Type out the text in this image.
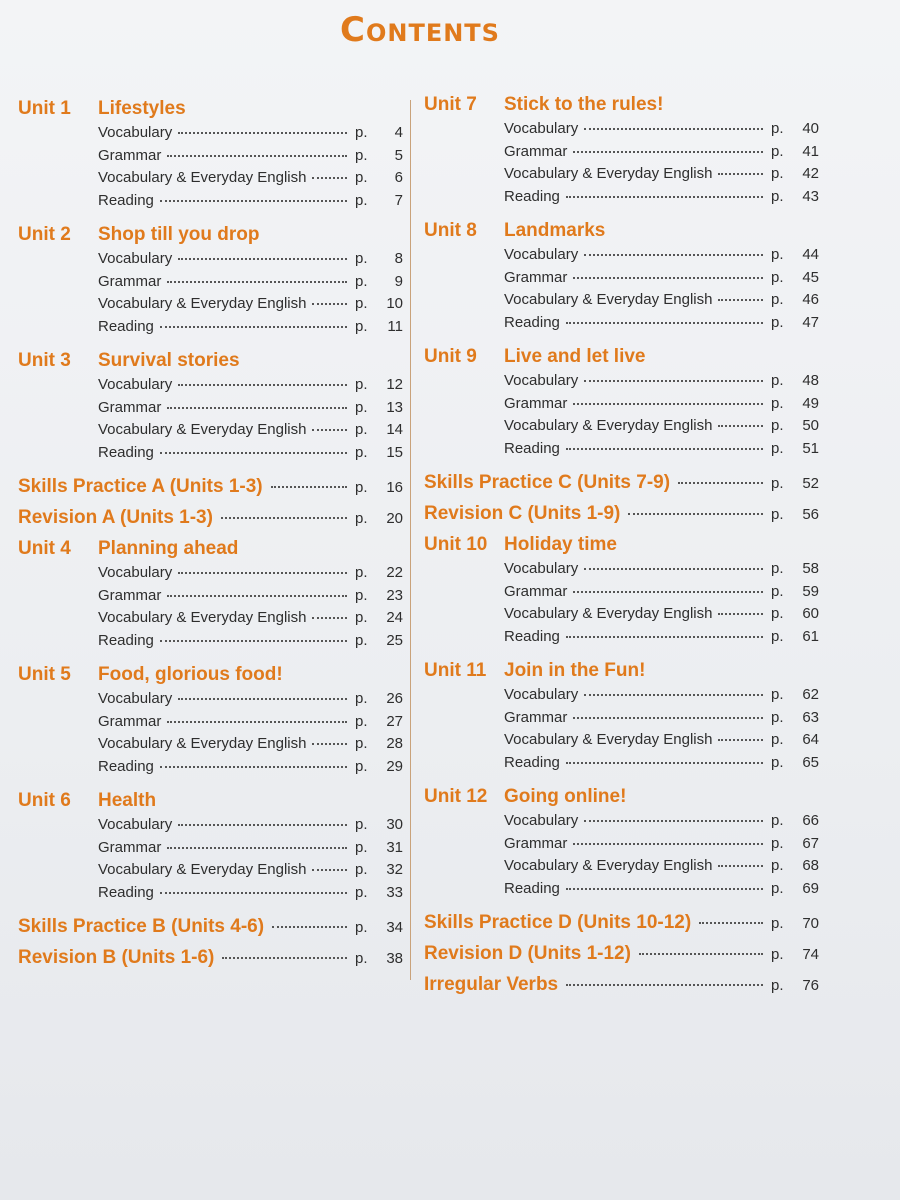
Contents
Unit 1	Lifestyles
Vocabulary	p.	4
Grammar	p.	5
Vocabulary & Everyday English	p.	6
Reading	p.	7
Unit 2	Shop till you drop
Vocabulary	p.	8
Grammar	p.	9
Vocabulary & Everyday English	p.	10
Reading	p.	11
Unit 3	Survival stories
Vocabulary	p.	12
Grammar	p.	13
Vocabulary & Everyday English	p.	14
Reading	p.	15
Skills Practice A (Units 1-3)	p.	16
Revision A (Units 1-3)	p.	20
Unit 4	Planning ahead
Vocabulary	p.	22
Grammar	p.	23
Vocabulary & Everyday English	p.	24
Reading	p.	25
Unit 5	Food, glorious food!
Vocabulary	p.	26
Grammar	p.	27
Vocabulary & Everyday English	p.	28
Reading	p.	29
Unit 6	Health
Vocabulary	p.	30
Grammar	p.	31
Vocabulary & Everyday English	p.	32
Reading	p.	33
Skills Practice B (Units 4-6)	p.	34
Revision B (Units 1-6)	p.	38
Unit 7	Stick to the rules!
Vocabulary	p.	40
Grammar	p.	41
Vocabulary & Everyday English	p.	42
Reading	p.	43
Unit 8	Landmarks
Vocabulary	p.	44
Grammar	p.	45
Vocabulary & Everyday English	p.	46
Reading	p.	47
Unit 9	Live and let live
Vocabulary	p.	48
Grammar	p.	49
Vocabulary & Everyday English	p.	50
Reading	p.	51
Skills Practice C (Units 7-9)	p.	52
Revision C (Units 1-9)	p.	56
Unit 10 Holiday time
Vocabulary	p.	58
Grammar	p.	59
Vocabulary & Everyday English	p.	60
Reading	p.	61
Unit 11 Join in the Fun!
Vocabulary	p.	62
Grammar	p.	63
Vocabulary & Everyday English	p.	64
Reading	p.	65
Unit 12 Going online!
Vocabulary	p.	66
Grammar	p.	67
Vocabulary & Everyday English	p.	68
Reading	p.	69
Skills Practice D (Units 10-12)	p.	70
Revision D (Units 1-12)	p.	74
Irregular Verbs	p.	76
